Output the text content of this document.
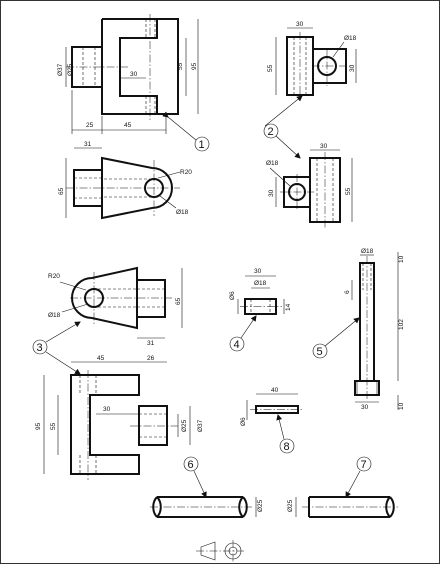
25	45
30
55 95
Ø37 Ø25
1
31
65
R20
Ø18
30
55	30
Ø18
2
30
55
30
Ø18
R20
Ø18
31
65
3
45	26
95 55
30
Ø25 Ø37
30
Ø18
Ø6
14
4
Ø18
30
10
102
10
6
5
40
Ø6
8
Ø25
6
Ø25
7
